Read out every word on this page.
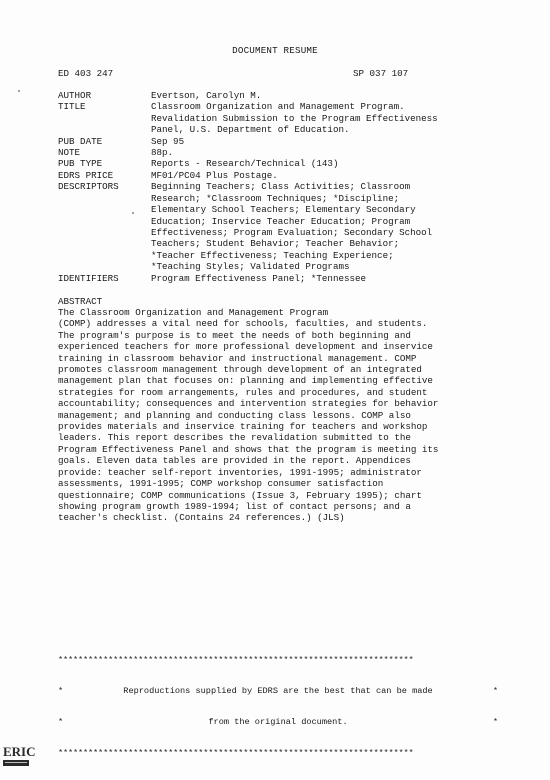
DOCUMENT RESUME
ED 403 247	SP 037 107
AUTHOR	Evertson, Carolyn M.
TITLE	Classroom Organization and Management Program.
Revalidation Submission to the Program Effectiveness
Panel, U.S. Department of Education.
PUB DATE	Sep 95
NOTE	88p.
PUB TYPE	Reports - Research/Technical (143)
EDRS PRICE	MF01/PC04 Plus Postage.
DESCRIPTORS	Beginning Teachers; Class Activities; Classroom
Research; *Classroom Techniques; *Discipline;
Elementary School Teachers; Elementary Secondary
Education; Inservice Teacher Education; Program
Effectiveness; Program Evaluation; Secondary School
Teachers; Student Behavior; Teacher Behavior;
*Teacher Effectiveness; Teaching Experience;
*Teaching Styles; Validated Programs
IDENTIFIERS	Program Effectiveness Panel; *Tennessee
ABSTRACT
The Classroom Organization and Management Program
(COMP) addresses a vital need for schools, faculties, and students.
The program's purpose is to meet the needs of both beginning and
experienced teachers for more professional development and inservice
training in classroom behavior and instructional management. COMP
promotes classroom management through development of an integrated
management plan that focuses on: planning and implementing effective
strategies for room arrangements, rules and procedures, and student
accountability; consequences and intervention strategies for behavior
management; and planning and conducting class lessons. COMP also
provides materials and inservice training for teachers and workshop
leaders. This report describes the revalidation submitted to the
Program Effectiveness Panel and shows that the program is meeting its
goals. Eleven data tables are provided in the report. Appendices
provide: teacher self-report inventories, 1991-1995; administrator
assessments, 1991-1995; COMP workshop consumer satisfaction
questionnaire; COMP communications (Issue 3, February 1995); chart
showing program growth 1989-1994; list of contact persons; and a
teacher's checklist. (Contains 24 references.) (JLS)

***********************************************************************

*	Reproductions supplied by EDRS are the best that can be made	*

*	from the original document.	*

***********************************************************************

ERIC
